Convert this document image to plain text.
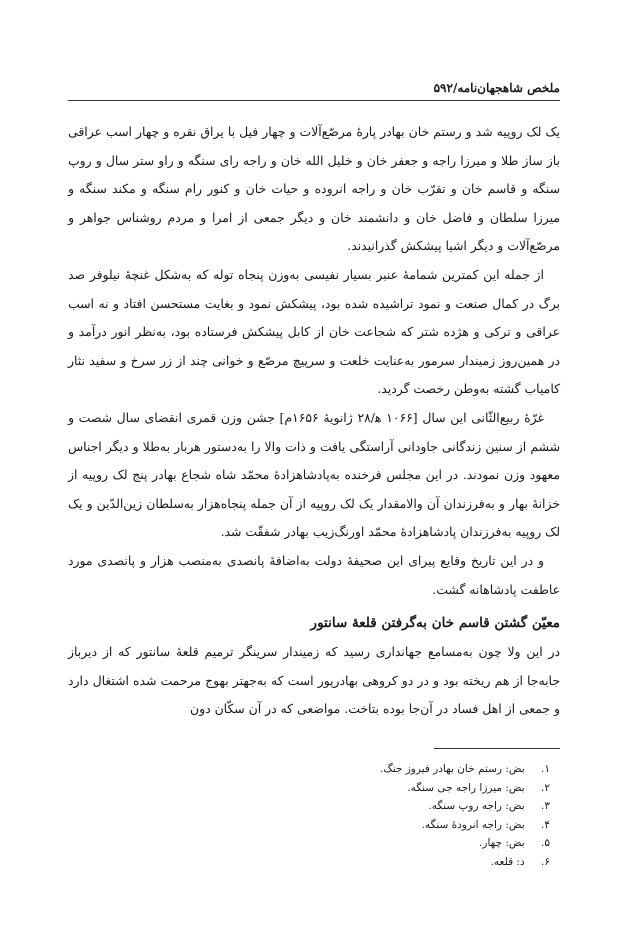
ملخص شاهجهان‌نامه/۵۹۲

یک لک روپیه شد و رستم خان بهادر پارهٔ مرصّع‌آلات و چهار فیل با یراق نقره و چهار اسب عراقی باز ساز طلا و میرزا راجه و جعفر خان و خلیل الله خان و راجه رای سنگه و راو ستر سال و روپ سنگه و قاسم خان و تقرّب خان و راجه انروده و حیات خان و کنور رام سنگه و مکند سنگه و میرزا سلطان و فاضل خان و دانشمند خان و دیگر جمعی از امرا و مردم روشناس جواهر و مرصّع‌آلات و دیگر اشیا پیشکش گذرانیدند.

از جمله این کمترین شمامهٔ عنبر بسیار نفیسی به‌وزن پنجاه توله که به‌شکل غنچهٔ نیلوفر صد برگ در کمال صنعت و نمود تراشیده شده بود، پیشکش نمود و بغایت مستحسن افتاد و نه اسب عراقی و ترکی و هژده شتر که شجاعت خان از کابل پیشکش فرستاده بود، به‌نظر انور درآمد و در همین‌روز زمیندار سرمور به‌عنایت خلعت و سرپیچ مرصّع و خوانی چند از زر سرخ و سفید نثار کامیاب گشته به‌وطن رخصت گردید.

غرّهٔ ربیع‌الثّانی این سال [۱۰۶۶ ه‍/۲۸ ژانویهٔ ۱۶۵۶م] جشن وزن قمری انقضای سال شصت و ششم از سنین زندگانی جاودانی آراستگی یافت و ذات والا را به‌دستور هربار به‌طلا و دیگر اجناس معهود وزن نمودند. در این مجلس فرخنده به‌پادشاهزادهٔ محمّد شاه شجاع بهادر پنج لک روپیه از خزانهٔ بهار و به‌فرزندان آن والامقدار یک لک روپیه از آن جمله پنجاه‌هزار به‌سلطان زین‌الدّین و یک لک روپیه به‌فرزندان پادشاهزادهٔ محمّد اورنگ‌زیب بهادر شفقّت شد.

و در این تاریخ وقایع پیرای این صحیفهٔ دولت به‌اضافهٔ پانصدی به‌منصب هزار و پانصدی مورد عاطفت پادشاهانه گشت.

معیّن گشتن قاسم خان به‌گرفتن قلعهٔ سانتور

در این ولا چون به‌مسامع جهانداری رسید که زمیندار سرینگر ترمیم قلعهٔ سانتور که از دیرباز جابه‌جا از هم ریخته بود و در دو کروهی بهادرپور است که به‌جهتر بهوج مرحمت شده اشتغال دارد و جمعی از اهل فساد در آن‌جا بوده بتاخت. مواضعی که در آن سکّان دون

۱. بض: رستم خان بهادر فیروز جنگ.
۲. بض: میرزا راجه جی سنگه.
۳. بض: راجه روپ سنگه.
۴. بض: راجه انرودهٔ سنگه.
۵. بض: چهار.
۶. د: قلعه.
